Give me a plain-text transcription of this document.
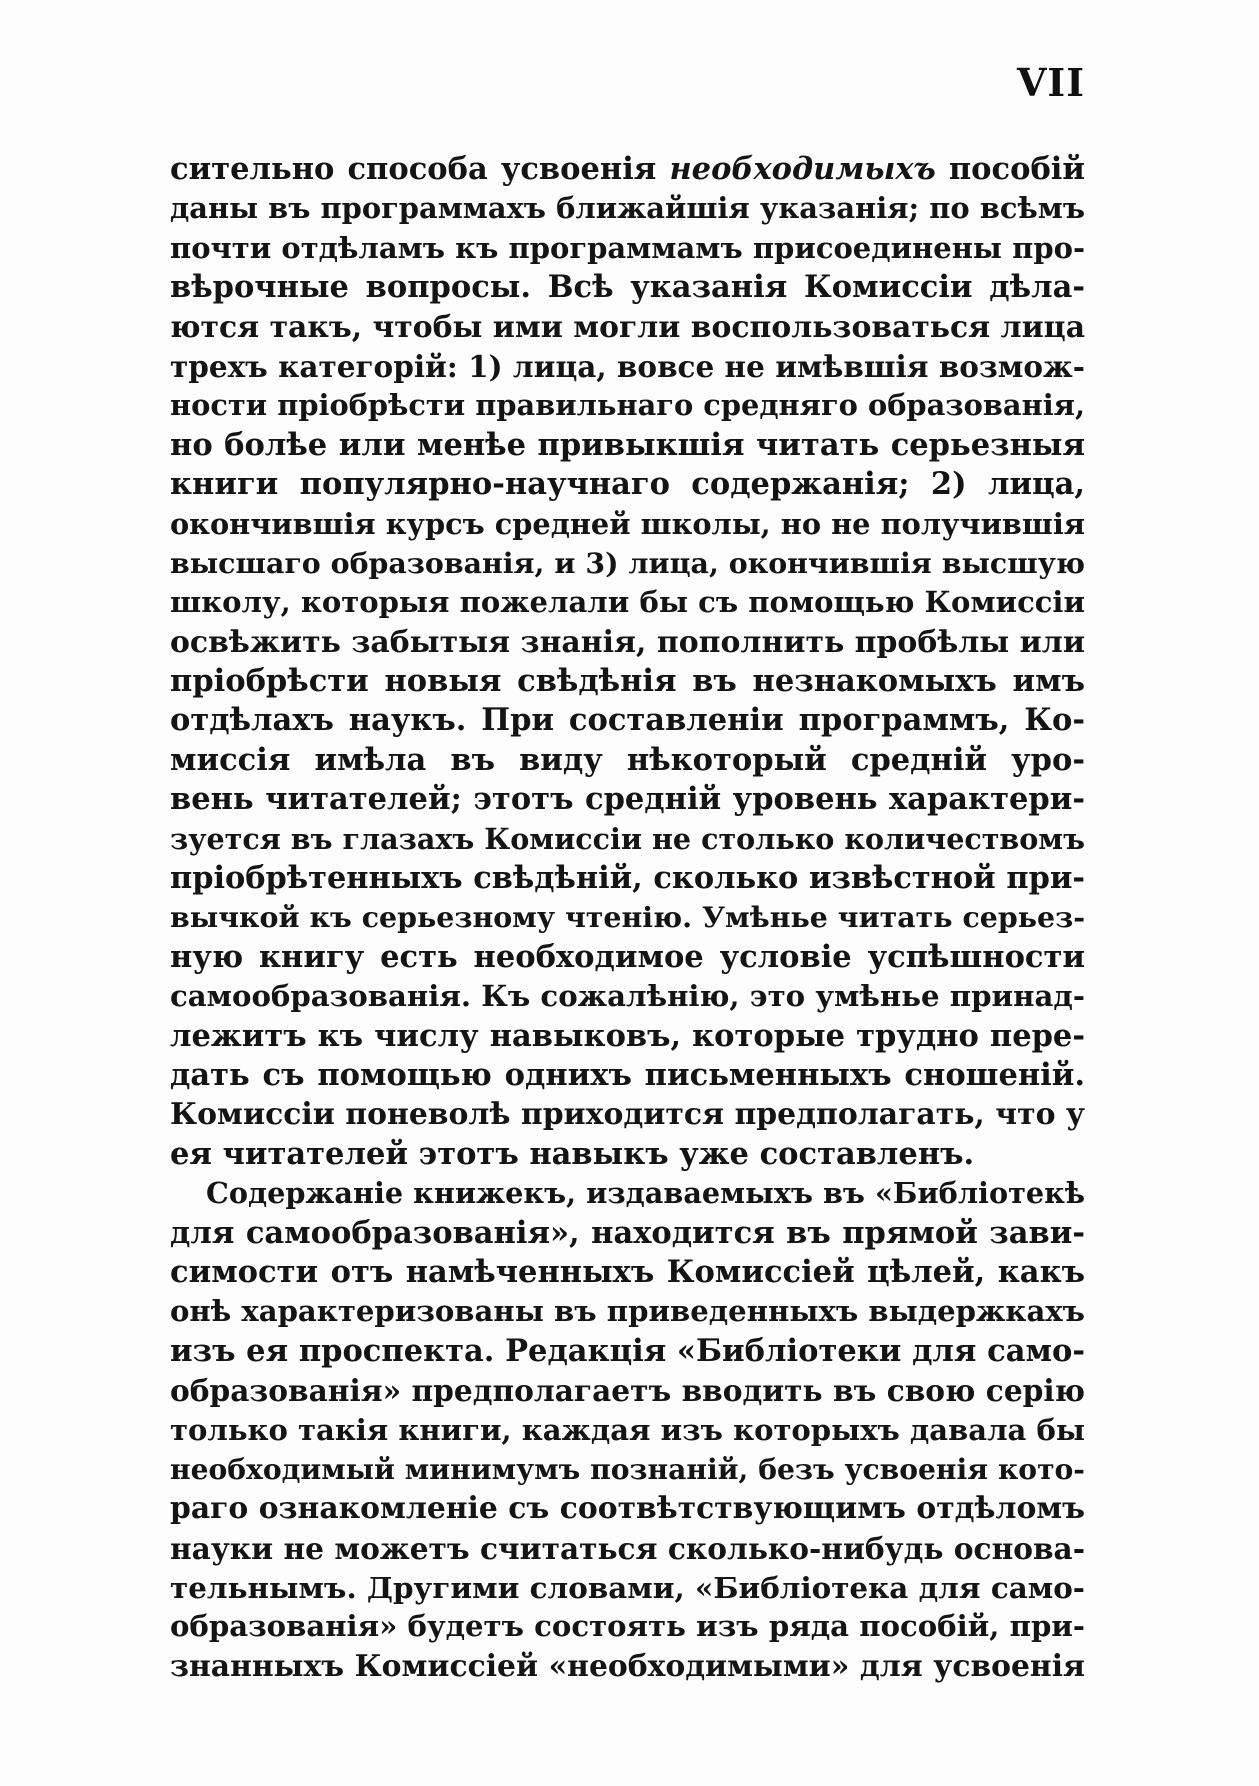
VII
сительно способа усвоенія необходимыхъ пособій
даны въ программахъ ближайшія указанія; по всѣмъ
почти отдѣламъ къ программамъ присоединены про-
вѣрочные вопросы. Всѣ указанія Комиссіи дѣла-
ются такъ, чтобы ими могли воспользоваться лица
трехъ категорій: 1) лица, вовсе не имѣвшія возмож-
ности пріобрѣсти правильнаго средняго образованія,
но болѣе или менѣе привыкшія читать серьезныя
книги популярно-научнаго содержанія; 2) лица,
окончившія курсъ средней школы, но не получившія
высшаго образованія, и 3) лица, окончившія высшую
школу, которыя пожелали бы съ помощью Комиссіи
освѣжить забытыя знанія, пополнить пробѣлы или
пріобрѣсти новыя свѣдѣнія въ незнакомыхъ имъ
отдѣлахъ наукъ. При составленіи программъ, Ко-
миссія имѣла въ виду нѣкоторый средній уро-
вень читателей; этотъ средній уровень характери-
зуется въ глазахъ Комиссіи не столько количествомъ
пріобрѣтенныхъ свѣдѣній, сколько извѣстной при-
вычкой къ серьезному чтенію. Умѣнье читать серьез-
ную книгу есть необходимое условіе успѣшности
самообразованія. Къ сожалѣнію, это умѣнье принад-
лежитъ къ числу навыковъ, которые трудно пере-
дать съ помощью однихъ письменныхъ сношеній.
Комиссіи поневолѣ приходится предполагать, что у
ея читателей этотъ навыкъ уже составленъ.
Содержаніе книжекъ, издаваемыхъ въ «Библіотекѣ
для самообразованія», находится въ прямой зави-
симости отъ намѣченныхъ Комиссіей цѣлей, какъ
онѣ характеризованы въ приведенныхъ выдержкахъ
изъ ея проспекта. Редакція «Библіотеки для само-
образованія» предполагаетъ вводить въ свою серію
только такія книги, каждая изъ которыхъ давала бы
необходимый минимумъ познаній, безъ усвоенія кото-
раго ознакомленіе съ соотвѣтствующимъ отдѣломъ
науки не можетъ считаться сколько-нибудь основа-
тельнымъ. Другими словами, «Библіотека для само-
образованія» будетъ состоять изъ ряда пособій, при-
знанныхъ Комиссіей «необходимыми» для усвоенія
